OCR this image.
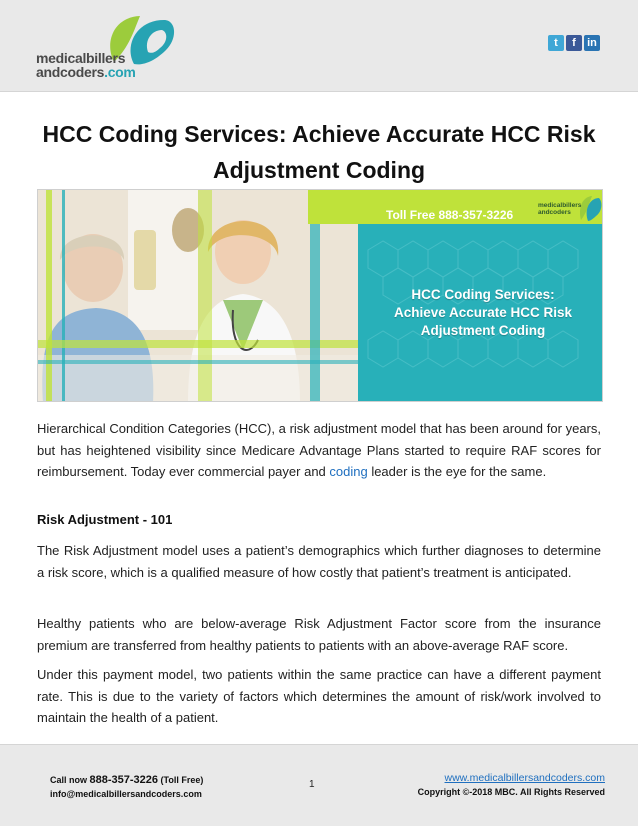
medicalbillers
andcoders.com
t	f	in
HCC Coding Services: Achieve Accurate HCC Risk Adjustment Coding
Toll Free 888-357-3226
medicalbillers
andcoders
HCC Coding Services:
Achieve Accurate HCC Risk
Adjustment Coding

Hierarchical Condition Categories (HCC), a risk adjustment model that has been around for years, but has heightened visibility since Medicare Advantage Plans started to require RAF scores for reimbursement. Today ever commercial payer and coding leader is the eye for the same.

Risk Adjustment - 101

The Risk Adjustment model uses a patient’s demographics which further diagnoses to determine a risk score, which is a qualified measure of how costly that patient’s treatment is anticipated.

Healthy patients who are below-average Risk Adjustment Factor score from the insurance premium are transferred from healthy patients to patients with an above-average RAF score.

Under this payment model, two patients within the same practice can have a different payment rate. This is due to the variety of factors which determines the amount of risk/work involved to maintain the health of a patient.

Call now 888-357-3226 (Toll Free)
info@medicalbillersandcoders.com
1
www.medicalbillersandcoders.com
Copyright ©-2018 MBC. All Rights Reserved
